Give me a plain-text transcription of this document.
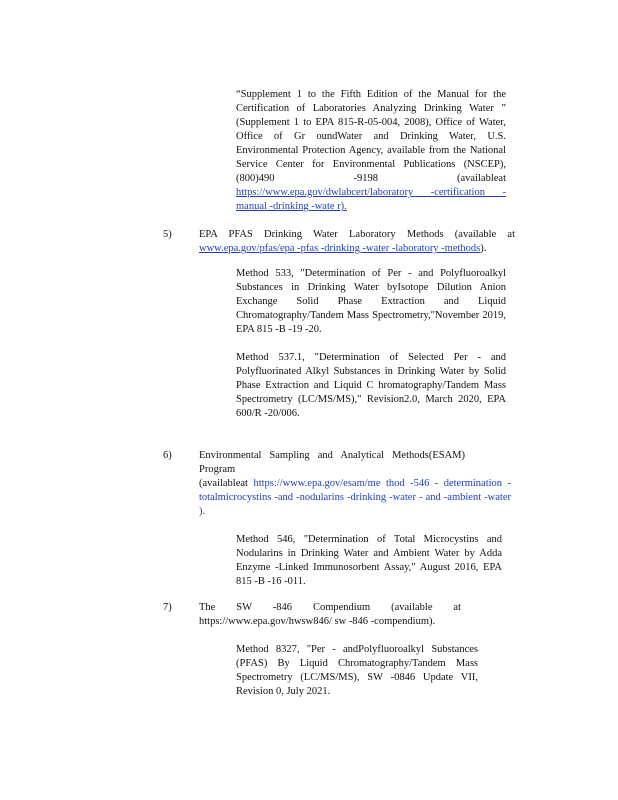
“Supplement 1 to the Fifth Edition of the Manual for the Certification of Laboratories Analyzing Drinking Water ” (Supplement 1 to EPA 815-R-05-004, 2008), Office of Water, Office of Gr oundWater and Drinking Water, U.S. Environmental Protection Agency, available from the National Service Center for Environmental Publications (NSCEP), (800)490 -9198 (availableat https://www.epa.gov/dwlabcert/laboratory -certification - manual -drinking -wate r).
5)	EPA PFAS Drinking Water Laboratory Methods (available at www.epa.gov/pfas/epa -pfas -drinking -water -laboratory -methods).
Method 533, "Determination of Per - and Polyfluoroalkyl Substances in Drinking Water byIsotope Dilution Anion Exchange Solid Phase Extraction and Liquid Chromatography/Tandem Mass Spectrometry,"November 2019, EPA 815 -B -19 -20.
Method 537.1, "Determination of Selected Per - and Polyfluorinated Alkyl Substances in Drinking Water by Solid Phase Extraction and Liquid C hromatography/Tandem Mass Spectrometry (LC/MS/MS)," Revision2.0, March 2020, EPA 600/R -20/006.
6)	Environmental Sampling and Analytical Methods(ESAM) Program
(availableat https://www.epa.gov/esam/me thod -546 - determination -totalmicrocystins -and -nodularins -drinking -water - and -ambient -water ).
Method 546, "Determination of Total Microcystins and Nodularins in Drinking Water and Ambient Water by Adda Enzyme -Linked Immunosorbent Assay," August 2016, EPA 815 -B -16 -011.
7)	The SW -846 Compendium (available at https://www.epa.gov/hwsw846/ sw -846 -compendium).
Method 8327, "Per - andPolyfluoroalkyl Substances (PFAS) By Liquid Chromatography/Tandem Mass Spectrometry (LC/MS/MS), SW -0846 Update VII, Revision 0, July 2021.
